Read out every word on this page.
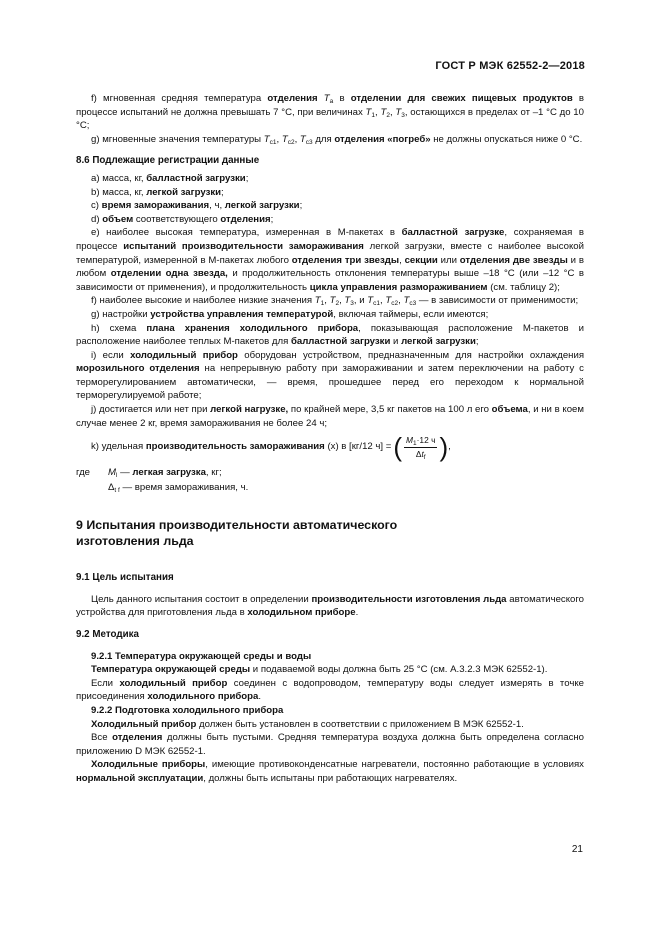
ГОСТ Р МЭК 62552-2—2018

f) мгновенная средняя температура отделения $T_a$ в отделении для свежих пищевых продуктов в процессе испытаний не должна превышать 7 °С, при величинах $T_1$, $T_2$, $T_3$, остающихся в пределах от –1 °С до 10 °С;

g) мгновенные значения температуры $T_{c1}$, $T_{c2}$, $T_{c3}$ для отделения «погреб» не должны опускаться ниже 0 °С.

8.6 Подлежащие регистрации данные

a) масса, кг, балластной загрузки;

b) масса, кг, легкой загрузки;

c) время замораживания, ч, легкой загрузки;

d) объем соответствующего отделения;

e) наиболее высокая температура, измеренная в М-пакетах в балластной загрузке, сохраняемая в процессе испытаний производительности замораживания легкой загрузки, вместе с наиболее высокой температурой, измеренной в М-пакетах любого отделения три звезды, секции или отделения две звезды и в любом отделении одна звезда, и продолжительность отклонения температуры выше –18 °С (или –12 °С в зависимости от применения), и продолжительность цикла управления размораживанием (см. таблицу 2);

f) наиболее высокие и наиболее низкие значения $T_1$, $T_2$, $T_3$, и $T_{c1}$, $T_{c2}$, $T_{c3}$ — в зависимости от применимости;

g) настройки устройства управления температурой, включая таймеры, если имеются;

h) схема плана хранения холодильного прибора, показывающая расположение М-пакетов и расположение наиболее теплых М-пакетов для балластной загрузки и легкой загрузки;

i) если холодильный прибор оборудован устройством, предназначенным для настройки охлаждения морозильного отделения на непрерывную работу при замораживании и затем переключении на работу с терморегулированием автоматически, — время, прошедшее перед его переходом к нормальной терморегулируемой работе;

j) достигается или нет при легкой нагрузке, по крайней мере, 3,5 кг пакетов на 100 л его объема, и ни в коем случае менее 2 кг, время замораживания не более 24 ч;

k) удельная производительность замораживания (x) в [кг/12 ч] = ( $\frac{M_1\cdot 12 ч}{\Delta t_f}$ ) ,
где	$M_l$ — легкая загрузка, кг;
$\Delta_{t f}$ — время замораживания, ч.
9 Испытания производительности автоматического
изготовления льда

9.1 Цель испытания

Цель данного испытания состоит в определении производительности изготовления льда автоматического устройства для приготовления льда в холодильном приборе.

9.2 Методика

9.2.1 Температура окружающей среды и воды

Температура окружающей среды и подаваемой воды должна быть 25 °С (см. А.3.2.3 МЭК 62552-1).

Если холодильный прибор соединен с водопроводом, температуру воды следует измерять в точке присоединения холодильного прибора.

9.2.2 Подготовка холодильного прибора

Холодильный прибор должен быть установлен в соответствии с приложением В МЭК 62552-1.

Все отделения должны быть пустыми. Средняя температура воздуха должна быть определена согласно приложению D МЭК 62552-1.

Холодильные приборы, имеющие противоконденсатные нагреватели, постоянно работающие в условиях нормальной эксплуатации, должны быть испытаны при работающих нагревателях.

21
